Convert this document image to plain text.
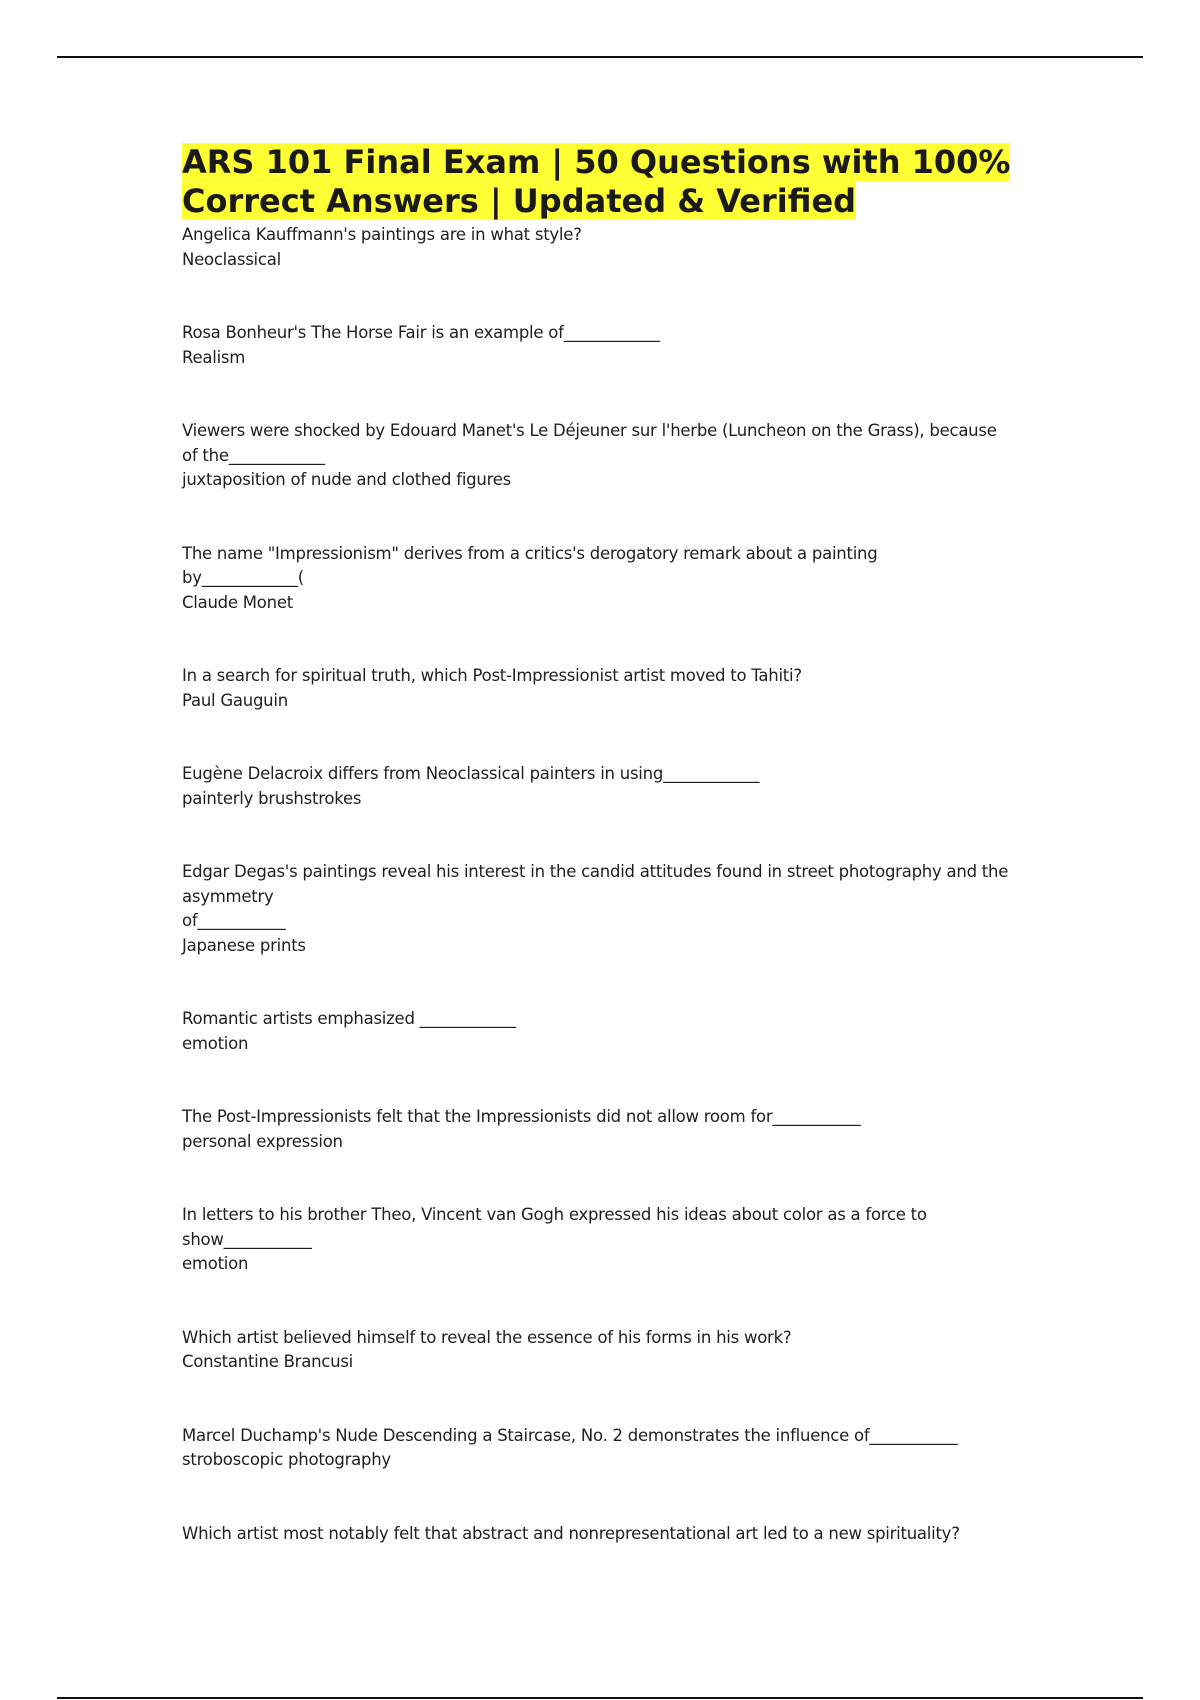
ARS 101 Final Exam | 50 Questions with 100%
Correct Answers | Updated & Verified

Angelica Kauffmann's paintings are in what style?

Neoclassical

Rosa Bonheur's The Horse Fair is an example of____________

Realism

Viewers were shocked by Edouard Manet's Le Déjeuner sur l'herbe (Luncheon on the Grass), because

of the____________

juxtaposition of nude and clothed figures

The name "Impressionism" derives from a critics's derogatory remark about a painting

by____________(

Claude Monet

In a search for spiritual truth, which Post-Impressionist artist moved to Tahiti?

Paul Gauguin

Eugène Delacroix differs from Neoclassical painters in using____________

painterly brushstrokes

Edgar Degas's paintings reveal his interest in the candid attitudes found in street photography and the

asymmetry

of___________

Japanese prints

Romantic artists emphasized ____________

emotion

The Post-Impressionists felt that the Impressionists did not allow room for___________

personal expression

In letters to his brother Theo, Vincent van Gogh expressed his ideas about color as a force to

show___________

emotion

Which artist believed himself to reveal the essence of his forms in his work?

Constantine Brancusi

Marcel Duchamp's Nude Descending a Staircase, No. 2 demonstrates the influence of___________

stroboscopic photography

Which artist most notably felt that abstract and nonrepresentational art led to a new spirituality?
